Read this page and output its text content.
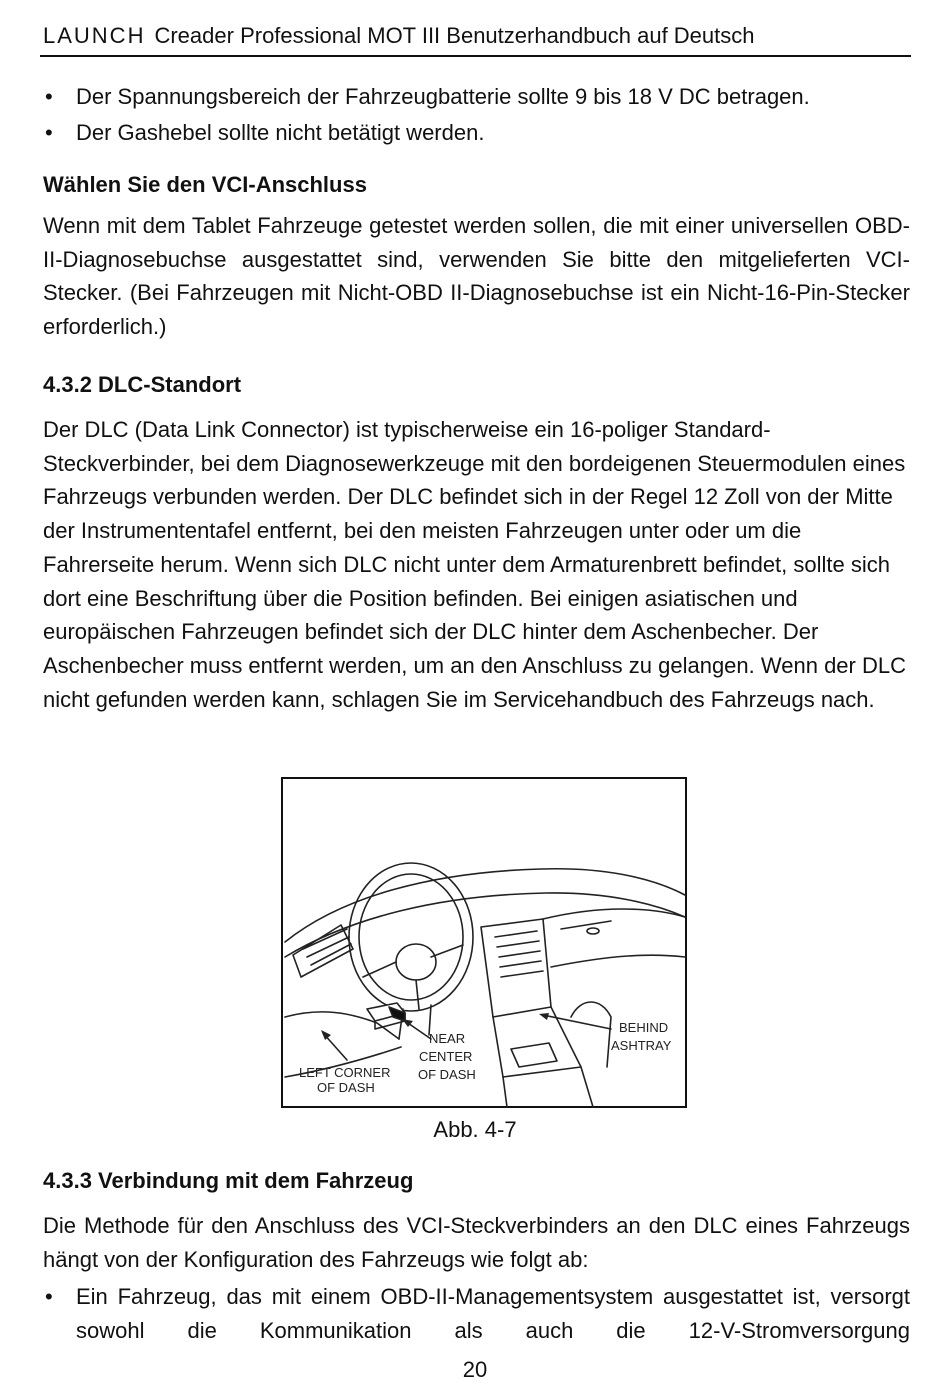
LAUNCH Creader Professional MOT III Benutzerhandbuch auf Deutsch
• Der Spannungsbereich der Fahrzeugbatterie sollte 9 bis 18 V DC betragen.
• Der Gashebel sollte nicht betätigt werden.
Wählen Sie den VCI-Anschluss
Wenn mit dem Tablet Fahrzeuge getestet werden sollen, die mit einer universellen OBD-II-Diagnosebuchse ausgestattet sind, verwenden Sie bitte den mitgelieferten VCI-Stecker. (Bei Fahrzeugen mit Nicht-OBD II-Diagnosebuchse ist ein Nicht-16-Pin-Stecker erforderlich.)
4.3.2 DLC-Standort
Der DLC (Data Link Connector) ist typischerweise ein 16-poliger Standard-Steckverbinder, bei dem Diagnosewerkzeuge mit den bordeigenen Steuermodulen eines Fahrzeugs verbunden werden. Der DLC befindet sich in der Regel 12 Zoll von der Mitte der Instrumententafel entfernt, bei den meisten Fahrzeugen unter oder um die Fahrerseite herum. Wenn sich DLC nicht unter dem Armaturenbrett befindet, sollte sich dort eine Beschriftung über die Position befinden. Bei einigen asiatischen und europäischen Fahrzeugen befindet sich der DLC hinter dem Aschenbecher. Der Aschenbecher muss entfernt werden, um an den Anschluss zu gelangen. Wenn der DLC nicht gefunden werden kann, schlagen Sie im Servicehandbuch des Fahrzeugs nach.
LEFT CORNER
OF DASH
NEAR
CENTER
OF DASH
BEHIND
ASHTRAY
Abb. 4-7
4.3.3 Verbindung mit dem Fahrzeug
Die Methode für den Anschluss des VCI-Steckverbinders an den DLC eines Fahrzeugs hängt von der Konfiguration des Fahrzeugs wie folgt ab:
• Ein Fahrzeug, das mit einem OBD-II-Managementsystem ausgestattet ist, versorgt sowohl die Kommunikation als auch die 12-V-Stromversorgung
20
